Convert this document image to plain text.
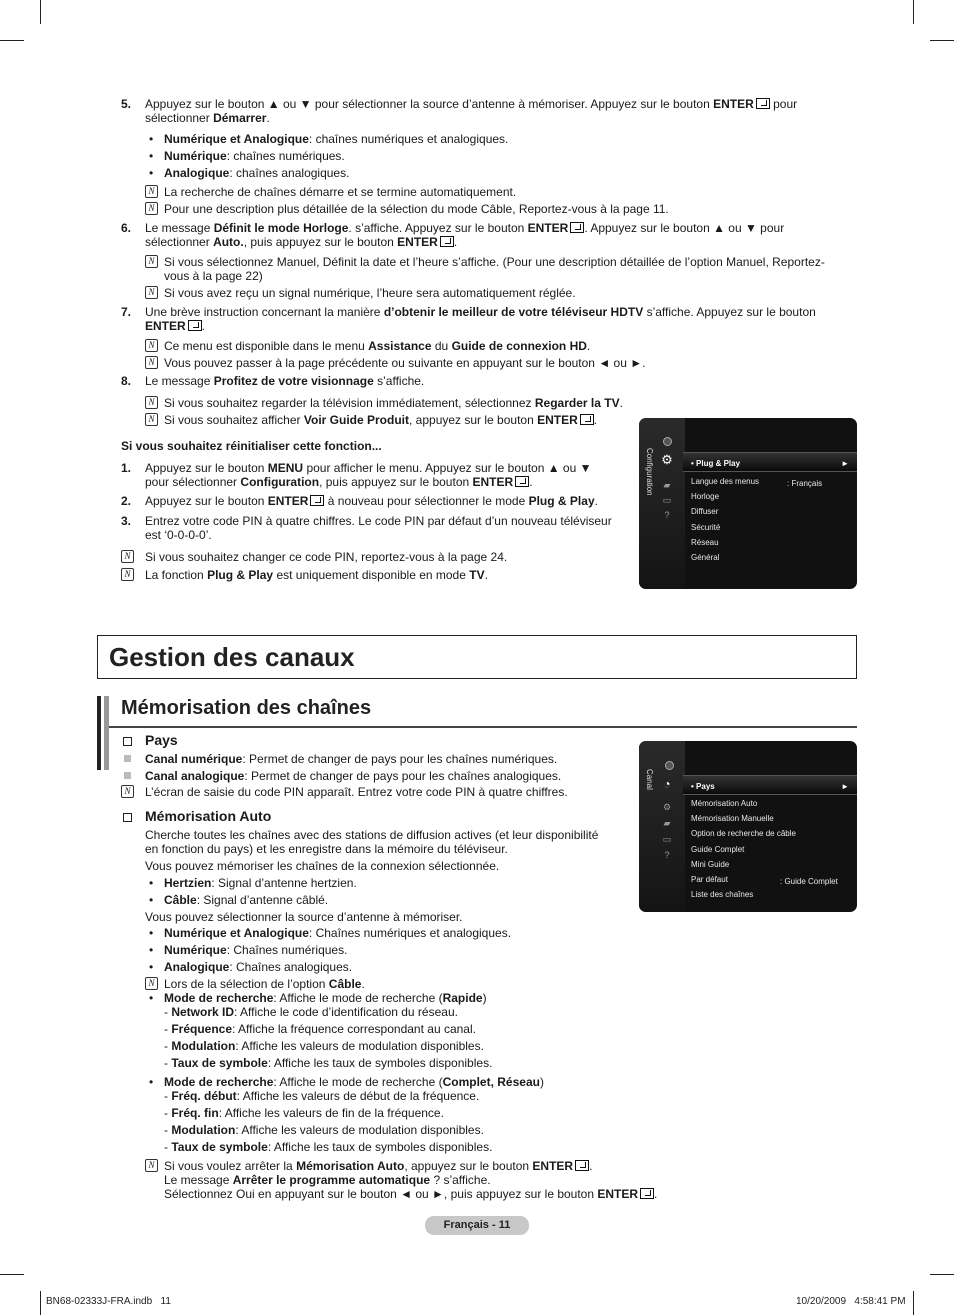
5. Appuyez sur le bouton ▲ ou ▼ pour sélectionner la source d’antenne à mémoriser. Appuyez sur le bouton ENTER pour
sélectionner Démarrer.
• Numérique et Analogique: chaînes numériques et analogiques.
• Numérique: chaînes numériques.
• Analogique: chaînes analogiques.
N La recherche de chaînes démarre et se termine automatiquement.
N Pour une description plus détaillée de la sélection du mode Câble, Reportez-vous à la page 11.
6. Le message Définit le mode Horloge. s’affiche. Appuyez sur le bouton ENTER . Appuyez sur le bouton ▲ ou ▼ pour
sélectionner Auto., puis appuyez sur le bouton ENTER .
N Si vous sélectionnez Manuel, Définit la date et l’heure s’affiche. (Pour une description détaillée de l’option Manuel, Reportez-
vous à la page 22)
N Si vous avez reçu un signal numérique, l’heure sera automatiquement réglée.
7. Une brève instruction concernant la manière d’obtenir le meilleur de votre téléviseur HDTV s’affiche. Appuyez sur le bouton
ENTER .
N Ce menu est disponible dans le menu Assistance du Guide de connexion HD.
N Vous pouvez passer à la page précédente ou suivante en appuyant sur le bouton ◄ ou ►.
8. Le message Profitez de votre visionnage s’affiche.
N Si vous souhaitez regarder la télévision immédiatement, sélectionnez Regarder la TV.
N Si vous souhaitez afficher Voir Guide Produit, appuyez sur le bouton ENTER .
Si vous souhaitez réinitialiser cette fonction...
1. Appuyez sur le bouton MENU pour afficher le menu. Appuyez sur le bouton ▲ ou ▼
pour sélectionner Configuration, puis appuyez sur le bouton ENTER .
2. Appuyez sur le bouton ENTER à nouveau pour sélectionner le mode Plug & Play.
3. Entrez votre code PIN à quatre chiffres. Le code PIN par défaut d’un nouveau téléviseur
est ‘0-0-0-0’.
N Si vous souhaitez changer ce code PIN, reportez-vous à la page 24.
N La fonction Plug & Play est uniquement disponible en mode TV.
Configuration ⚙ • Plug & Play	►
▰
▭
?
Langue des menus	: Français
Horloge
Diffuser
Sécurité
Réseau
Général
Gestion des canaux
Mémorisation des chaînes
Pays
Canal numérique: Permet de changer de pays pour les chaînes numériques.
Canal analogique: Permet de changer de pays pour les chaînes analogiques.
N L’écran de saisie du code PIN apparaît. Entrez votre code PIN à quatre chiffres.
Mémorisation Auto
Cherche toutes les chaînes avec des stations de diffusion actives (et leur disponibilité
en fonction du pays) et les enregistre dans la mémoire du téléviseur.
Vous pouvez mémoriser les chaînes de la connexion sélectionnée.
• Hertzien: Signal d’antenne hertzien.
• Câble: Signal d’antenne câblé.
Vous pouvez sélectionner la source d’antenne à mémoriser.
• Numérique et Analogique: Chaînes numériques et analogiques.
• Numérique: Chaînes numériques.
• Analogique: Chaînes analogiques.
N Lors de la sélection de l’option Câble.
• Mode de recherche: Affiche le mode de recherche (Rapide)
- Network ID: Affiche le code d’identification du réseau.
- Fréquence: Affiche la fréquence correspondant au canal.
- Modulation: Affiche les valeurs de modulation disponibles.
- Taux de symbole: Affiche les taux de symboles disponibles.
• Mode de recherche: Affiche le mode de recherche (Complet, Réseau)
- Fréq. début: Affiche les valeurs de début de la fréquence.
- Fréq. fin: Affiche les valeurs de fin de la fréquence.
- Modulation: Affiche les valeurs de modulation disponibles.
- Taux de symbole: Affiche les taux de symboles disponibles.
N Si vous voulez arrêter la Mémorisation Auto, appuyez sur le bouton ENTER .
Le message Arrêter le programme automatique ? s’affiche.
Sélectionnez Oui en appuyant sur le bouton ◄ ou ►, puis appuyez sur le bouton ENTER .
Canal ◔	• Pays	►
⚙
▰
▭
?
Mémorisation Auto
Mémorisation Manuelle
Option de recherche de câble
Guide Complet
Mini Guide
Par défaut	: Guide Complet
Liste des chaînes
Français - 11
BN68-02333J-FRA.indb   11	10/20/2009   4:58:41 PM
